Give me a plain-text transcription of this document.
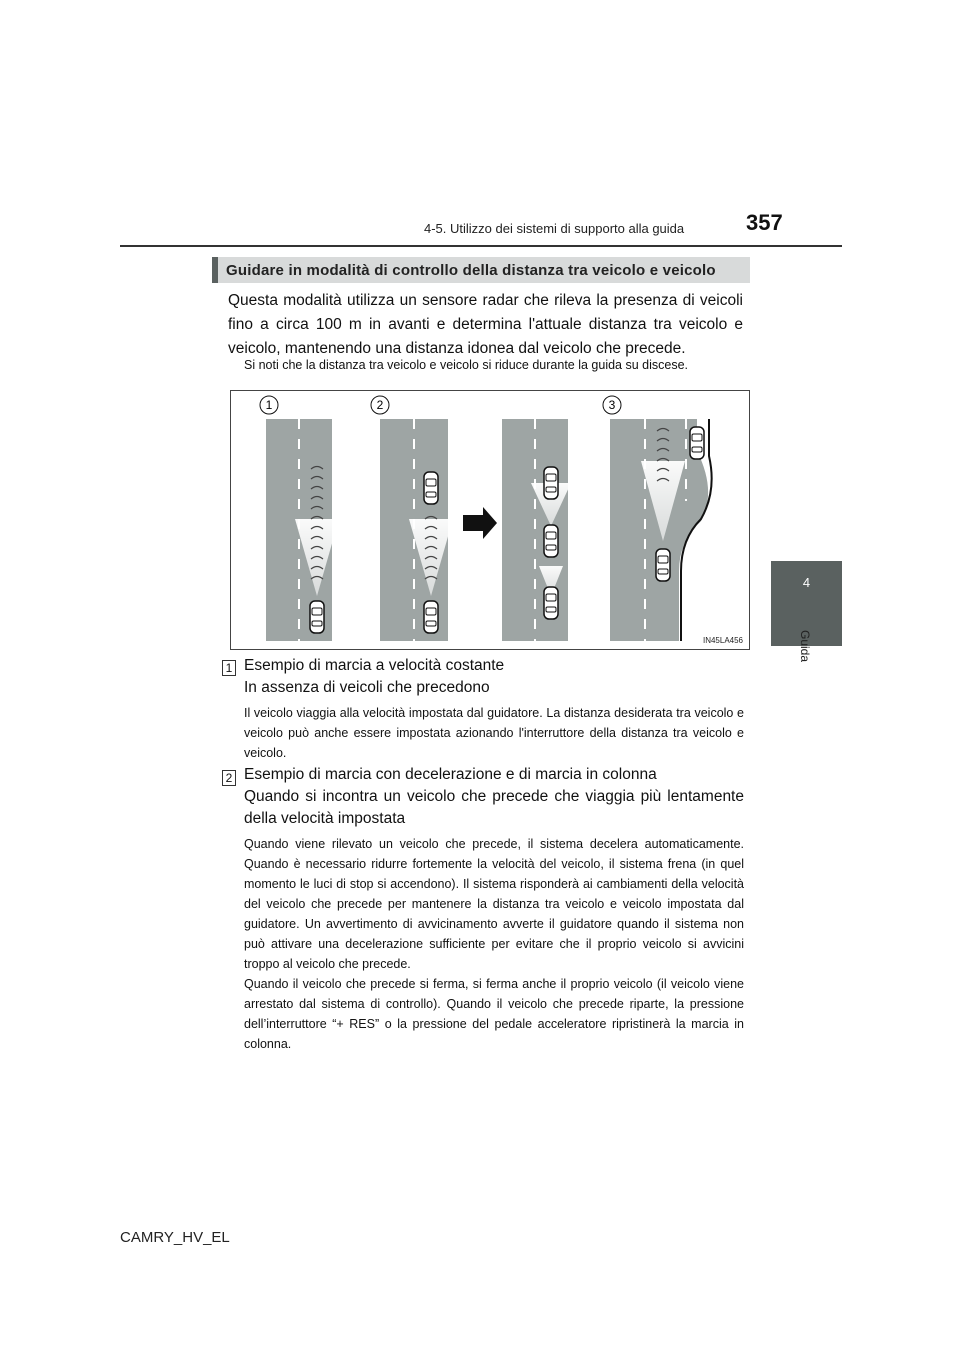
4-5. Utilizzo dei sistemi di supporto alla guida	357
4
Guida
Guidare in modalità di controllo della distanza tra veicolo e veicolo
Questa modalità utilizza un sensore radar che rileva la presenza di veicoli fino a circa 100 m in avanti e determina l'attuale distanza tra veicolo e veicolo, mantenendo una distanza idonea dal veicolo che precede.
Si noti che la distanza tra veicolo e veicolo si riduce durante la guida su discese.
1	2	3
IN45LA456
1 Esempio di marcia a velocità costante
In assenza di veicoli che precedono
Il veicolo viaggia alla velocità impostata dal guidatore. La distanza desiderata tra veicolo e veicolo può anche essere impostata azionando l'interruttore della distanza tra veicolo e veicolo.
2 Esempio di marcia con decelerazione e di marcia in colonna
Quando si incontra un veicolo che precede che viaggia più lentamente della velocità impostata
Quando viene rilevato un veicolo che precede, il sistema decelera automaticamente. Quando è necessario ridurre fortemente la velocità del veicolo, il sistema frena (in quel momento le luci di stop si accendono). Il sistema risponderà ai cambiamenti della velocità del veicolo che precede per mantenere la distanza tra veicolo e veicolo impostata dal guidatore. Un avvertimento di avvicinamento avverte il guidatore quando il sistema non può attivare una decelerazione sufficiente per evitare che il proprio veicolo si avvicini troppo al veicolo che precede.
Quando il veicolo che precede si ferma, si ferma anche il proprio veicolo (il veicolo viene arrestato dal sistema di controllo). Quando il veicolo che precede riparte, la pressione dell’interruttore “+ RES” o la pressione del pedale acceleratore ripristinerà la marcia in colonna.
CAMRY_HV_EL
